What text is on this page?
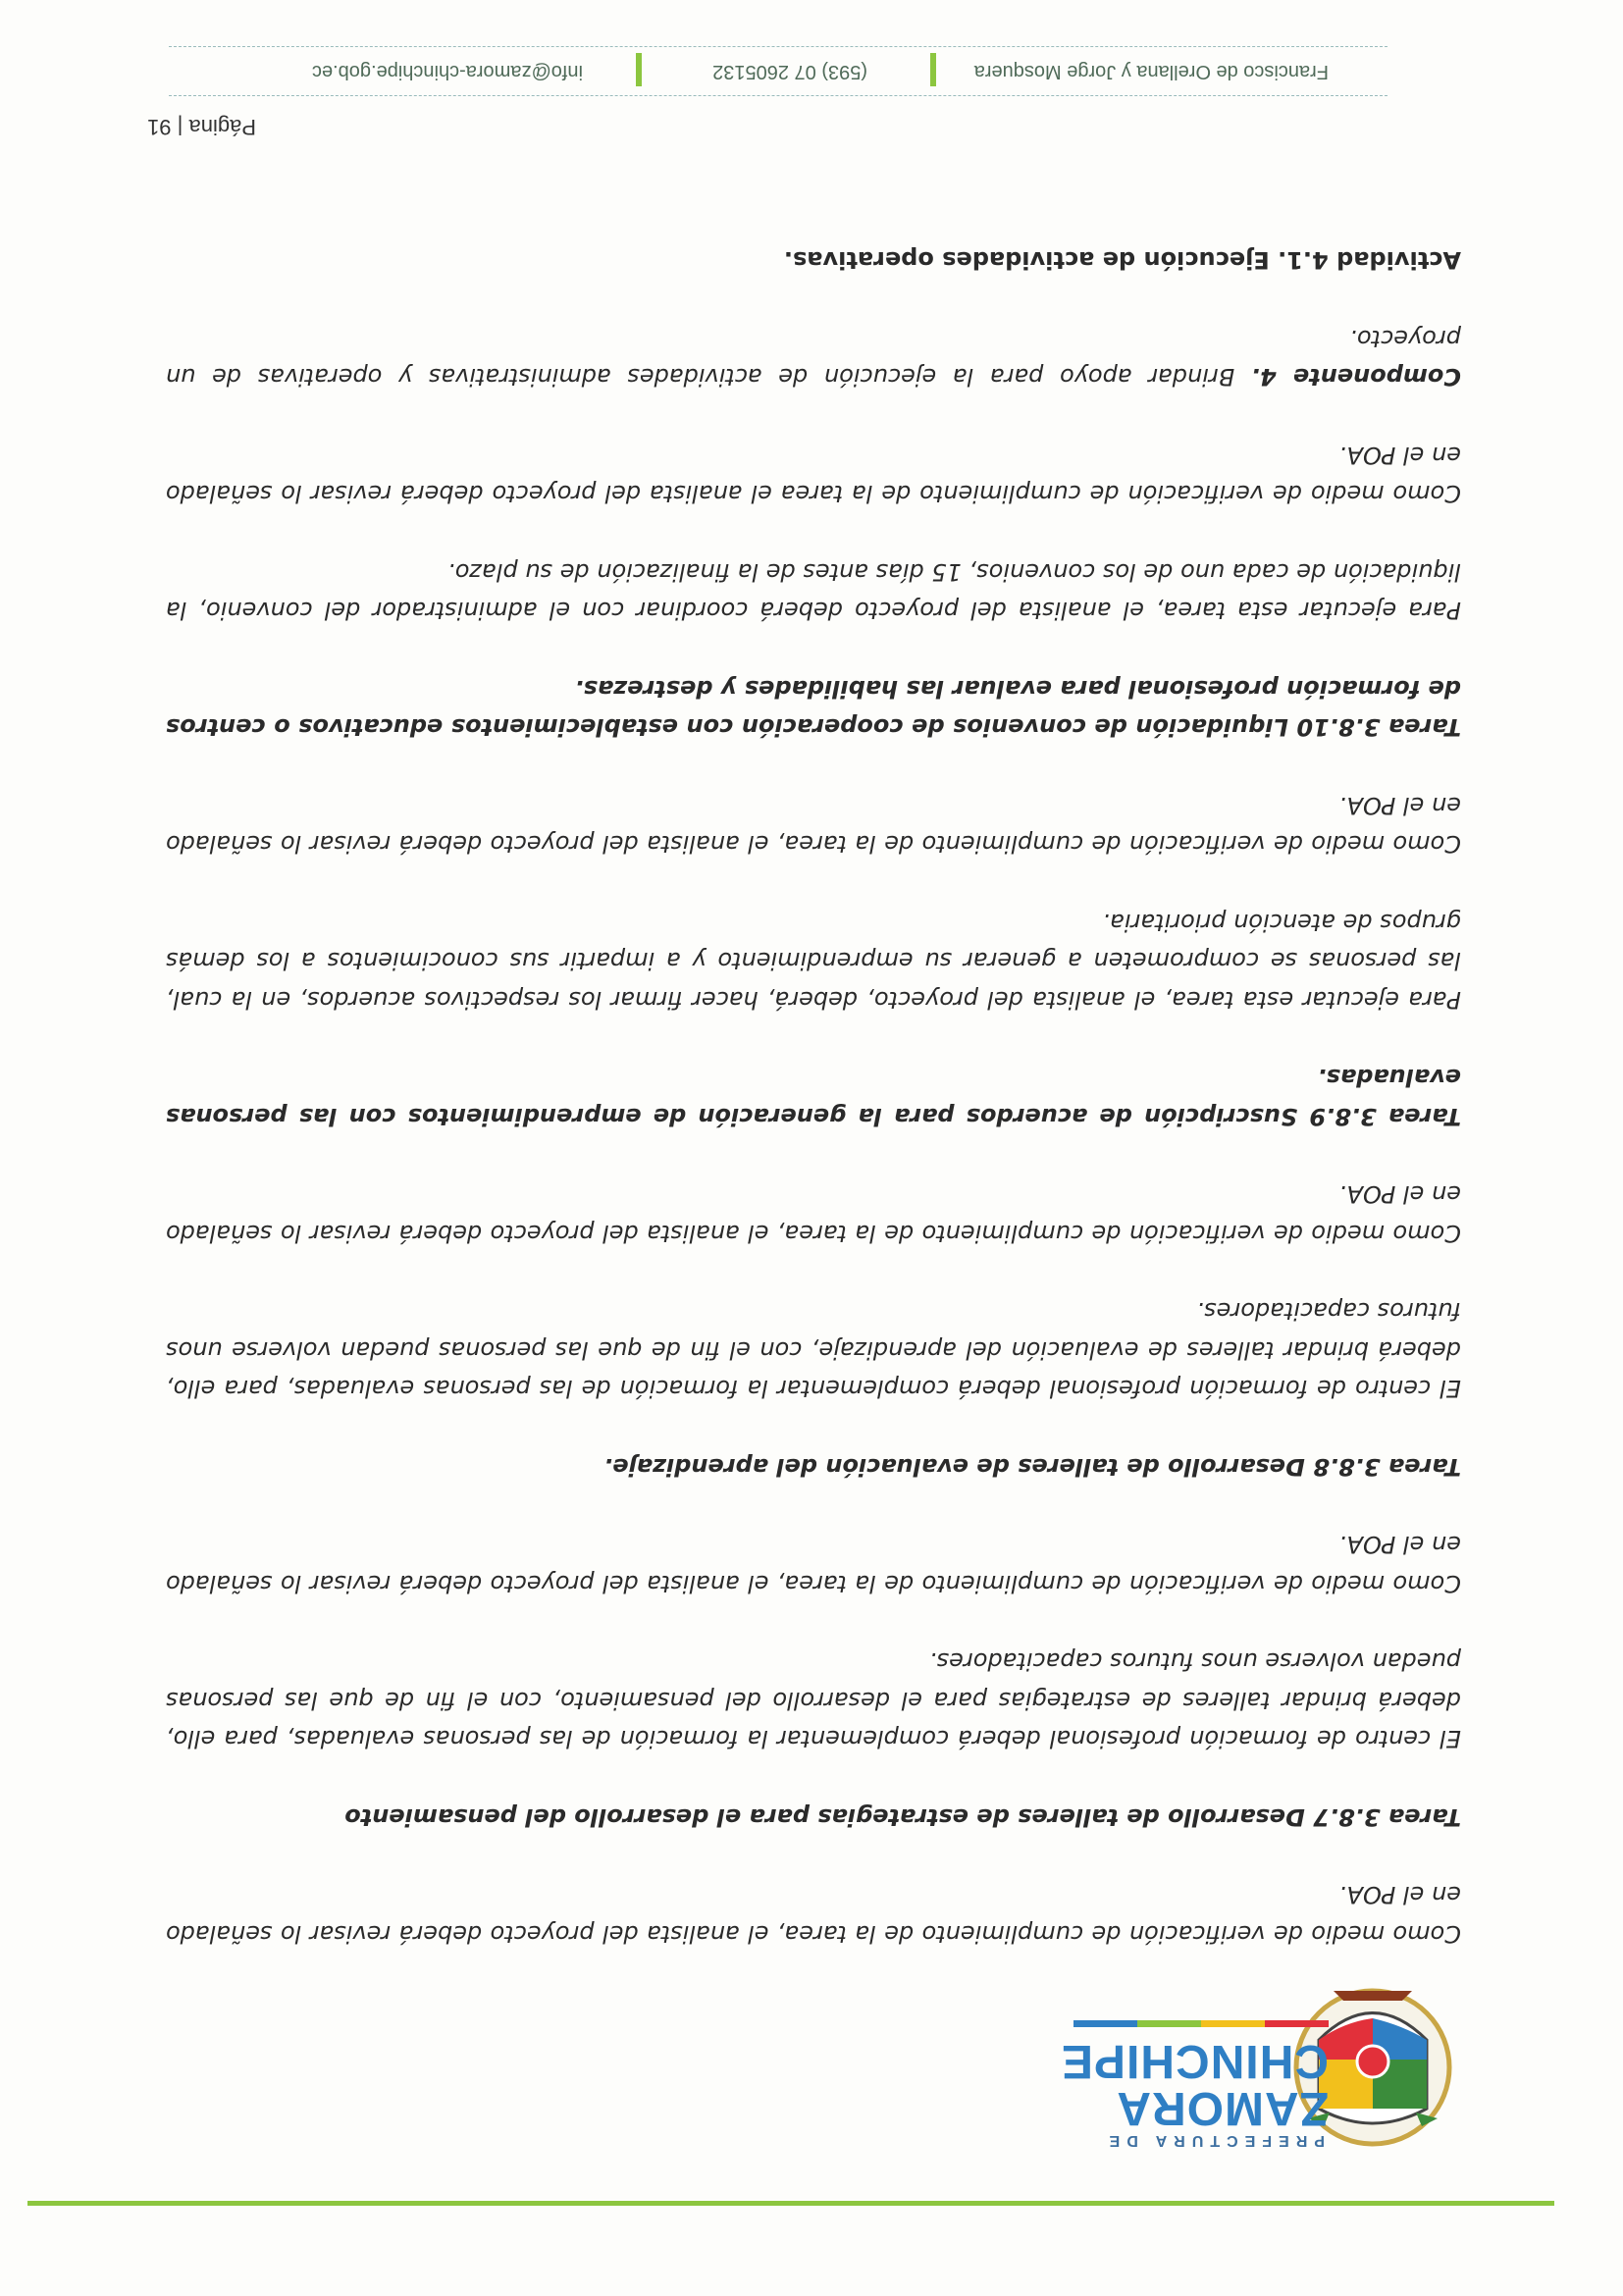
PREFECTURA DE
ZAMORA
CHINCHIPE

Como medio de verificación de cumplimiento de la tarea, el analista del proyecto deberá revisar lo señalado en el POA.

Tarea 3.8.7 Desarrollo de talleres de estrategias para el desarrollo del pensamiento

El centro de formación profesional deberá complementar la formación de las personas evaluadas, para ello, deberá brindar talleres de estrategias para el desarrollo del pensamiento, con el fin de que las personas puedan volverse unos futuros capacitadores.

Como medio de verificación de cumplimiento de la tarea, el analista del proyecto deberá revisar lo señalado en el POA.

Tarea 3.8.8 Desarrollo de talleres de evaluación del aprendizaje.

El centro de formación profesional deberá complementar la formación de las personas evaluadas, para ello, deberá brindar talleres de evaluación del aprendizaje, con el fin de que las personas puedan volverse unos futuros capacitadores.

Como medio de verificación de cumplimiento de la tarea, el analista del proyecto deberá revisar lo señalado en el POA.

Tarea 3.8.9 Suscripción de acuerdos para la generación de emprendimientos con las personas evaluadas.

Para ejecutar esta tarea, el analista del proyecto, deberá, hacer firmar los respectivos acuerdos, en la cual, las personas se comprometen a generar su emprendimiento y a impartir sus conocimientos a los demás grupos de atención prioritaria.

Como medio de verificación de cumplimiento de la tarea, el analista del proyecto deberá revisar lo señalado en el POA.

Tarea 3.8.10 Liquidación de convenios de cooperación con establecimientos educativos o centros de formación profesional para evaluar las habilidades y destrezas.

Para ejecutar esta tarea, el analista del proyecto deberá coordinar con el administrador del convenio, la liquidación de cada uno de los convenios, 15 días antes de la finalización de su plazo.

Como medio de verificación de cumplimiento de la tarea el analista del proyecto deberá revisar lo señalado en el POA.

Componente 4. Brindar apoyo para la ejecución de actividades administrativas y operativas de un proyecto.

Actividad 4.1. Ejecución de actividades operativas.

Página | 91
Francisco de Orellana y Jorge Mosquera
(593) 07 2605132
info@zamora-chinchipe.gob.ec
